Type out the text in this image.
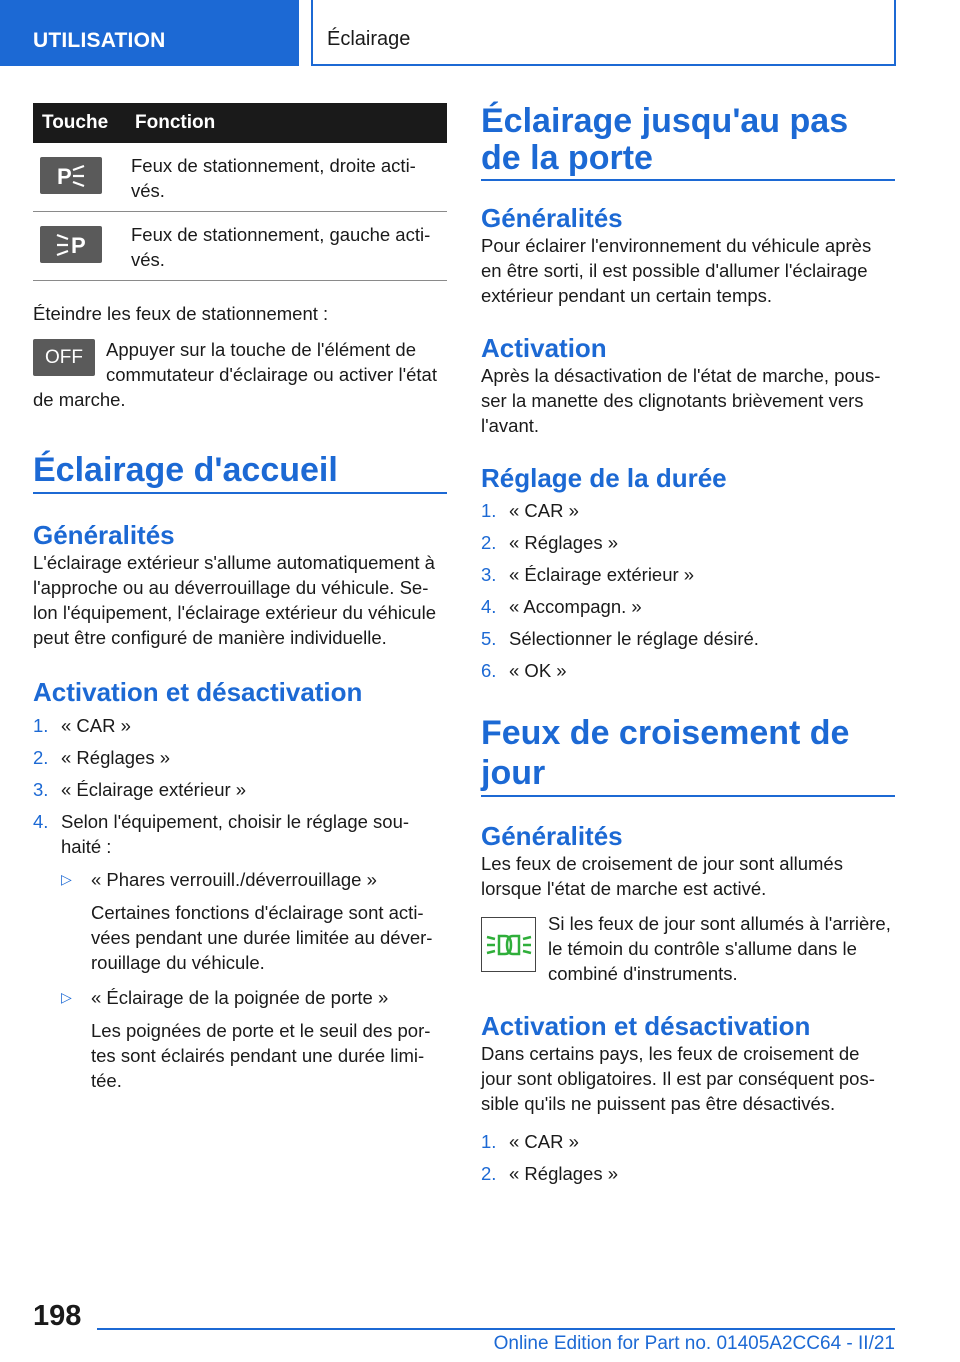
UTILISATION	Éclairage
Touche	Fonction

P	Feux de stationnement, droite acti‐vés.

P	Feux de stationnement, gauche acti‐vés.

Éteindre les feux de stationnement :

OFF	Appuyer sur la touche de l'élément de commutateur d'éclairage ou activer l'état de marche.

Éclairage d'accueil
Généralités

L'éclairage extérieur s'allume automatiquement à l'approche ou au déverrouillage du véhicule. Se‐lon l'équipement, l'éclairage extérieur du véhicule peut être configuré de manière individuelle.

Activation et désactivation
1. « CAR »
2. « Réglages »
3. « Éclairage extérieur »
4. Selon l'équipement, choisir le réglage sou‐haité :
▷ « Phares verrouill./déverrouillage »
Certaines fonctions d'éclairage sont acti‐vées pendant une durée limitée au déver‐rouillage du véhicule.
▷ « Éclairage de la poignée de porte »
Les poignées de porte et le seuil des por‐tes sont éclairés pendant une durée limi‐tée.
Éclairage jusqu'au pas de la porte
Généralités

Pour éclairer l'environnement du véhicule après en être sorti, il est possible d'allumer l'éclairage extérieur pendant un certain temps.

Activation

Après la désactivation de l'état de marche, pous‐ser la manette des clignotants brièvement vers l'avant.

Réglage de la durée
1. « CAR »
2. « Réglages »
3. « Éclairage extérieur »
4. « Accompagn. »
5. Sélectionner le réglage désiré.
6. « OK »
Feux de croisement de jour
Généralités

Les feux de croisement de jour sont allumés lorsque l'état de marche est activé.

Si les feux de jour sont allumés à l'arrière, le témoin du contrôle s'allume dans le combiné d'instruments.

Activation et désactivation

Dans certains pays, les feux de croisement de jour sont obligatoires. Il est par conséquent pos‐sible qu'ils ne puissent pas être désactivés.

1. « CAR »
2. « Réglages »
198
Online Edition for Part no. 01405A2CC64 - II/21
